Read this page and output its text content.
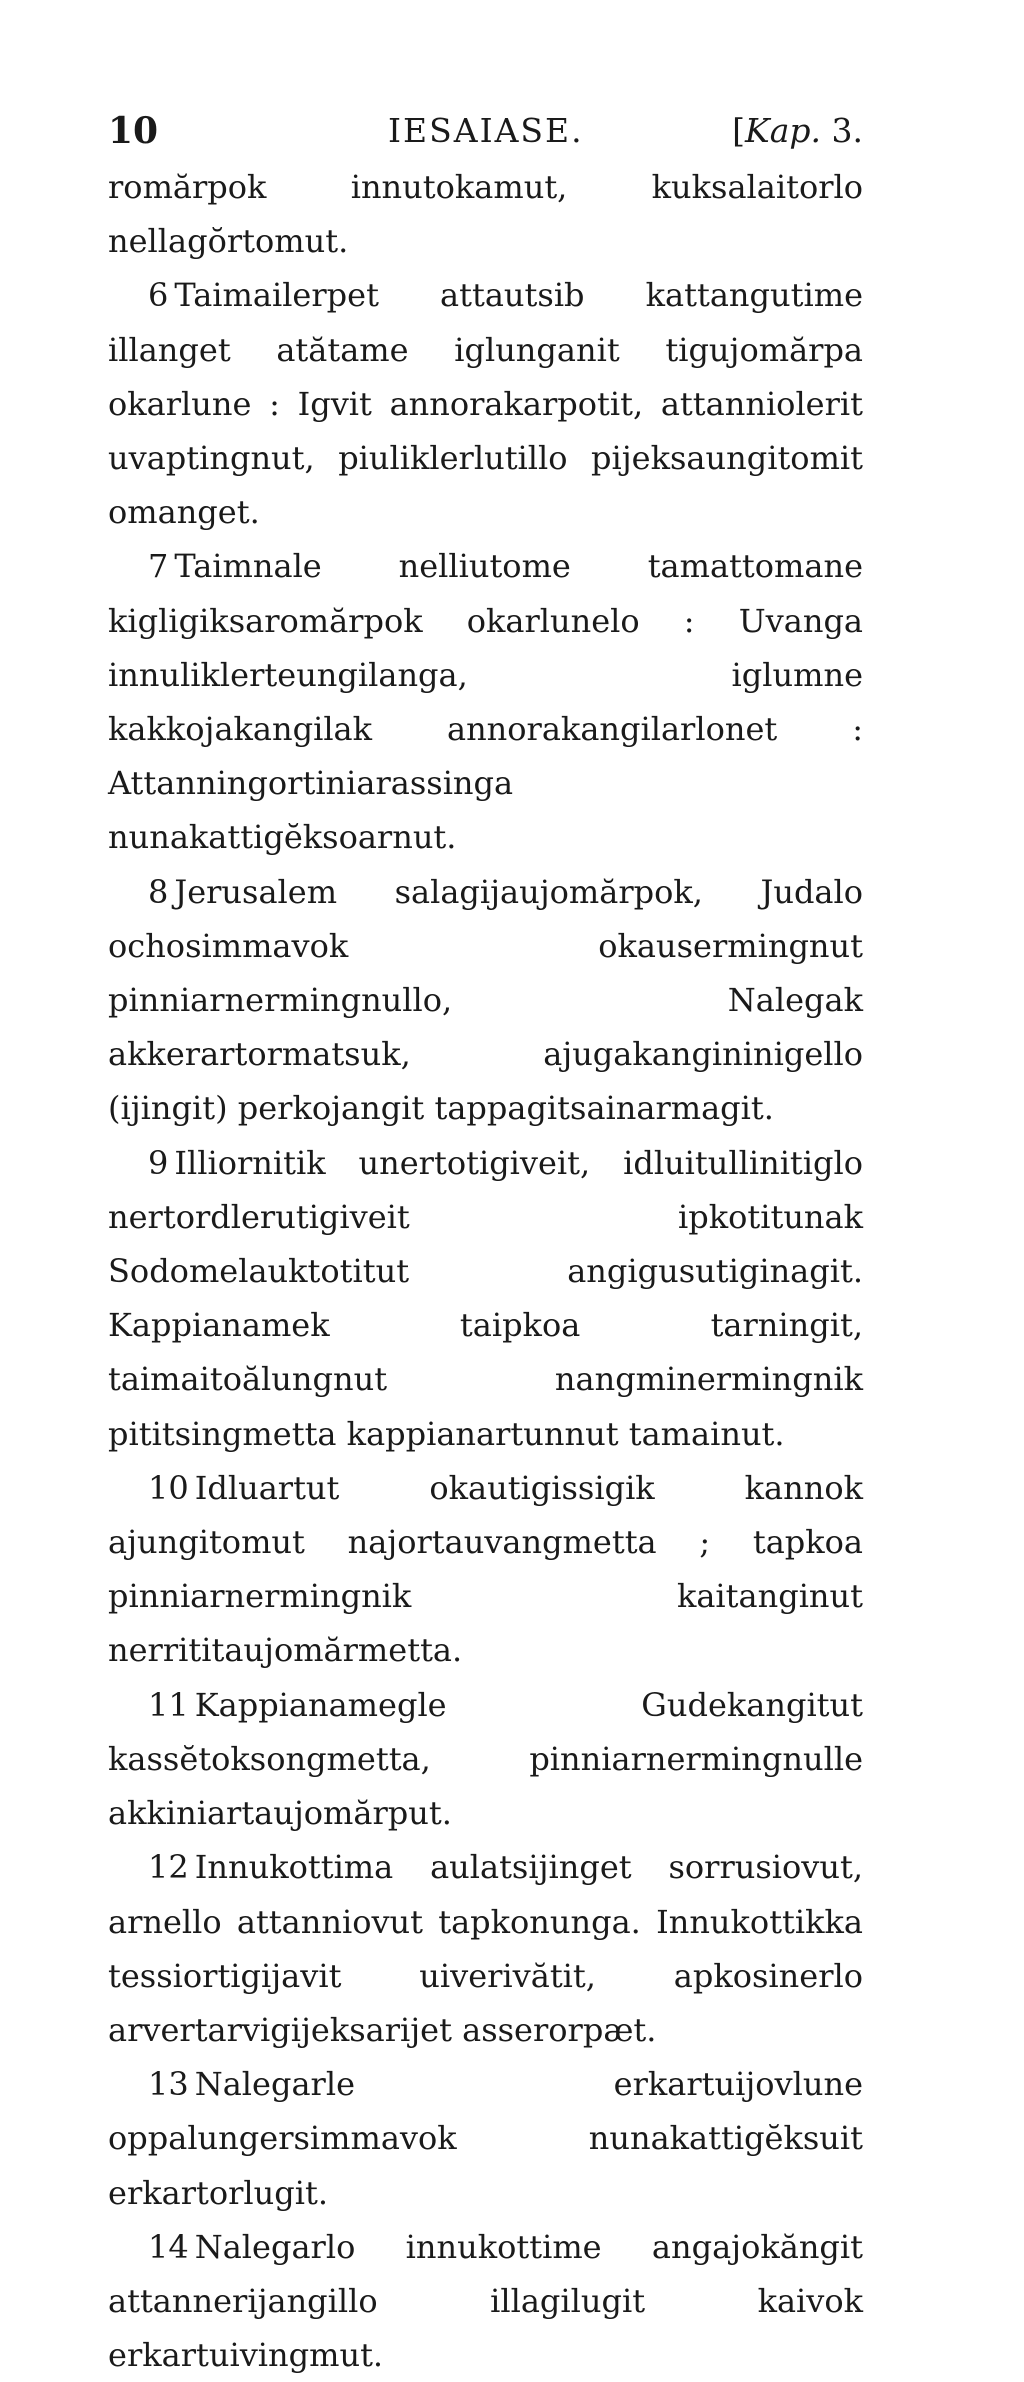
10	IESAIASE.	[Kap. 3.
romărpok innutokamut, kuksalaitorlo nellagŏrtomut.
6 Taimailerpet attautsib kattangutime illanget atătame iglunganit tigujomărpa okarlune : Igvit annorakarpotit, attanniolerit uvaptingnut, piuliklerlutillo pijeksaungitomit omanget.
7 Taimnale nelliutome tamattomane kigligiksaromărpok okarlunelo : Uvanga innuliklerteungilanga, iglumne kakkojakangilak annorakangilarlonet : Attanningortiniarassinga nunakattigĕksoarnut.
8 Jerusalem salagijaujomărpok, Judalo ochosimmavok okausermingnut pinniarnermingnullo, Nalegak akkerartormatsuk, ajugakangininigello (ijingit) perkojangit tappagitsainarmagit.
9 Illiornitik unertotigiveit, idluitullinitiglo nertordlerutigiveit ipkotitunak Sodomelauktotitut angigusutiginagit. Kappianamek taipkoa tarningit, taimaitoălungnut nangminermingnik pititsingmetta kappianartunnut tamainut.
10 Idluartut okautigissigik kannok ajungitomut najortauvangmetta ; tapkoa pinniarnermingnik kaitanginut nerrititaujomărmetta.
11 Kappianamegle Gudekangitut kassĕtoksongmetta, pinniarnermingnulle akkiniartaujomărput.
12 Innukottima aulatsijinget sorrusiovut, arnello attanniovut tapkonunga. Innukottikka tessiortigijavit uiverivătit, apkosinerlo arvertarvigijeksarijet asserorpæt.
13 Nalegarle erkartuijovlune oppalungersimmavok nunakattigĕksuit erkartorlugit.
14 Nalegarlo innukottime angajokăngit attannerijangillo illagilugit kaivok erkartuivingmut.
